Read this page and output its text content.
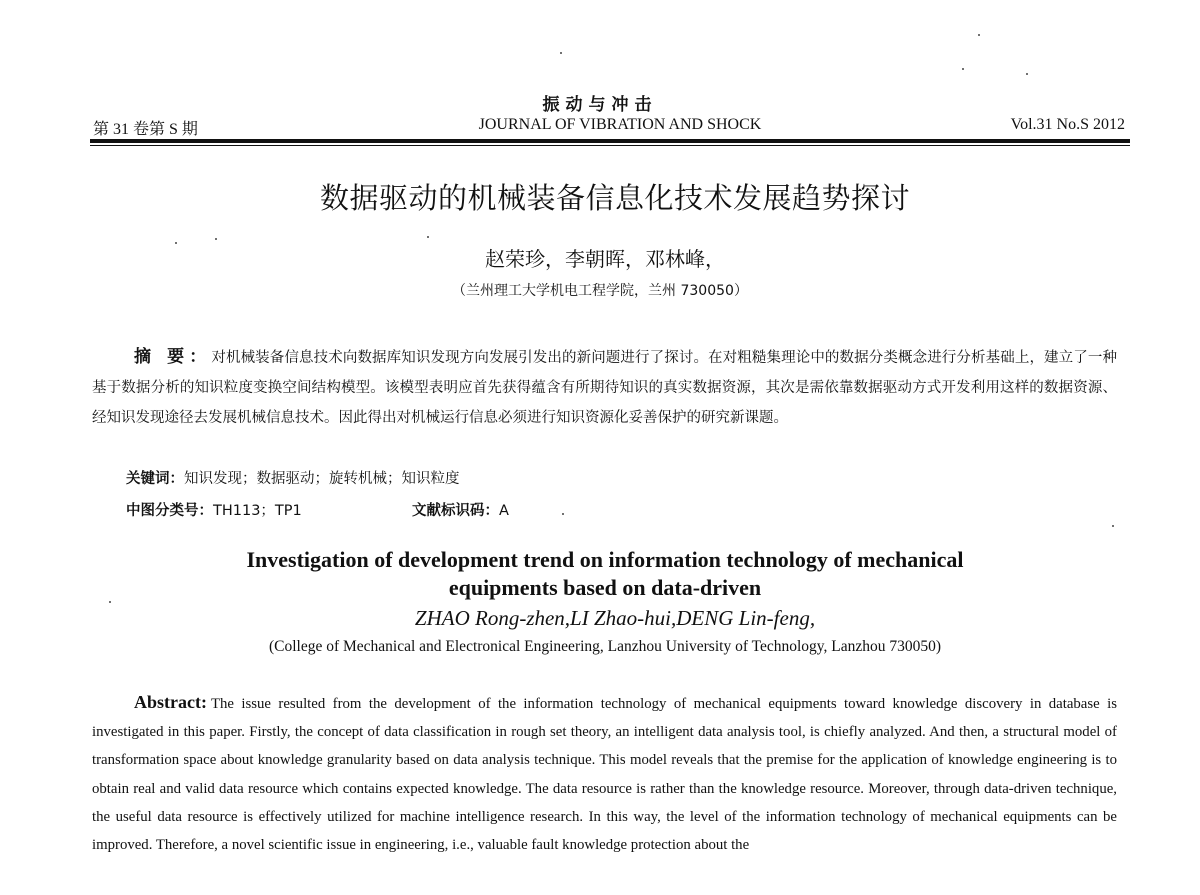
振动与冲击
第 31 卷第 S 期	JOURNAL OF VIBRATION AND SHOCK	Vol.31 No.S 2012
数据驱动的机械装备信息化技术发展趋势探讨
赵荣珍，李朝晖，邓林峰，
（兰州理工大学机电工程学院，兰州 730050）
摘 要：对机械装备信息技术向数据库知识发现方向发展引发出的新问题进行了探讨。在对粗糙集理论中的数据分类概念进行分析基础上，建立了一种基于数据分析的知识粒度变换空间结构模型。该模型表明应首先获得蕴含有所期待知识的真实数据资源，其次是需依靠数据驱动方式开发利用这样的数据资源、经知识发现途径去发展机械信息技术。因此得出对机械运行信息必须进行知识资源化妥善保护的研究新课题。
关键词：知识发现；数据驱动；旋转机械；知识粒度
中图分类号：TH113；TP1	文献标识码：A
Investigation of development trend on information technology of mechanical
equipments based on data-driven
ZHAO Rong-zhen,LI Zhao-hui,DENG Lin-feng,
(College of Mechanical and Electronical Engineering, Lanzhou University of Technology, Lanzhou 730050)
Abstract: The issue resulted from the development of the information technology of mechanical equipments toward knowledge discovery in database is investigated in this paper. Firstly, the concept of data classification in rough set theory, an intelligent data analysis tool, is chiefly analyzed. And then, a structural model of transformation space about knowledge granularity based on data analysis technique. This model reveals that the premise for the application of knowledge engineering is to obtain real and valid data resource which contains expected knowledge. The data resource is rather than the knowledge resource. Moreover, through data-driven technique, the useful data resource is effectively utilized for machine intelligence research. In this way, the level of the information technology of mechanical equipments can be improved. Therefore, a novel scientific issue in engineering, i.e., valuable fault knowledge protection about the
